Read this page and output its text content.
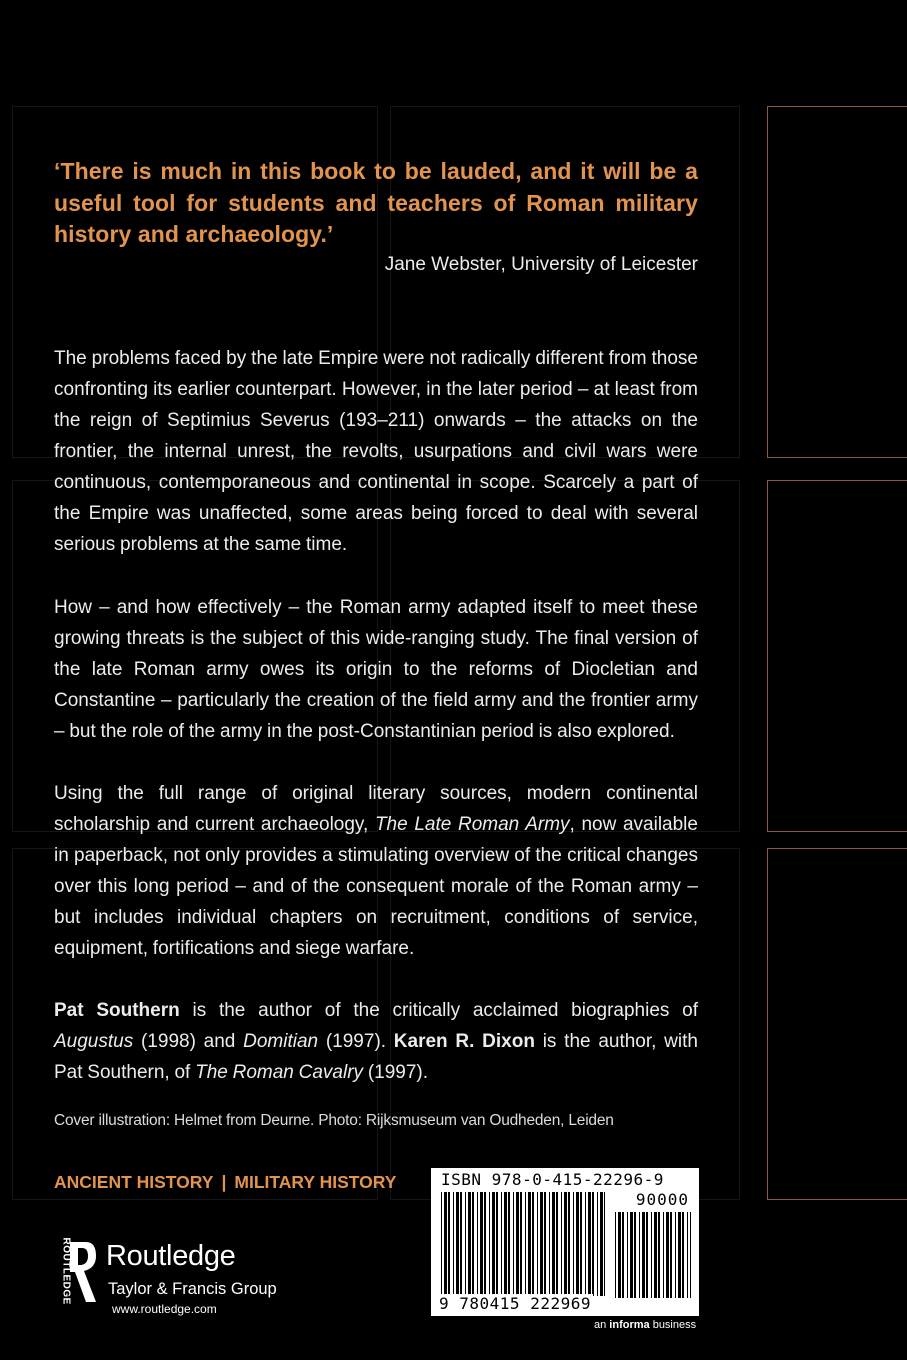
‘There is much in this book to be lauded, and it will be a useful tool for students and teachers of Roman military history and archaeology.’
Jane Webster, University of Leicester
The problems faced by the late Empire were not radically different from those confronting its earlier counterpart. However, in the later period – at least from the reign of Septimius Severus (193–211) onwards – the attacks on the frontier, the internal unrest, the revolts, usurpations and civil wars were continuous, contemporaneous and continental in scope. Scarcely a part of the Empire was unaffected, some areas being forced to deal with several serious problems at the same time.
How – and how effectively – the Roman army adapted itself to meet these growing threats is the subject of this wide-ranging study. The final version of the late Roman army owes its origin to the reforms of Diocletian and Constantine – particularly the creation of the field army and the frontier army – but the role of the army in the post-Constantinian period is also explored.
Using the full range of original literary sources, modern continental scholarship and current archaeology, The Late Roman Army, now available in paperback, not only provides a stimulating overview of the critical changes over this long period – and of the consequent morale of the Roman army – but includes individual chapters on recruitment, conditions of service, equipment, fortifications and siege warfare.
Pat Southern is the author of the critically acclaimed biographies of Augustus (1998) and Domitian (1997). Karen R. Dixon is the author, with Pat Southern, of The Roman Cavalry (1997).
Cover illustration: Helmet from Deurne. Photo: Rijksmuseum van Oudheden, Leiden
ANCIENT HISTORY | MILITARY HISTORY
ROUTLEDGE Routledge
Taylor & Francis Group
www.routledge.com
ISBN 978-0-415-22296-9
90000
9 780415 222969
an informa business
